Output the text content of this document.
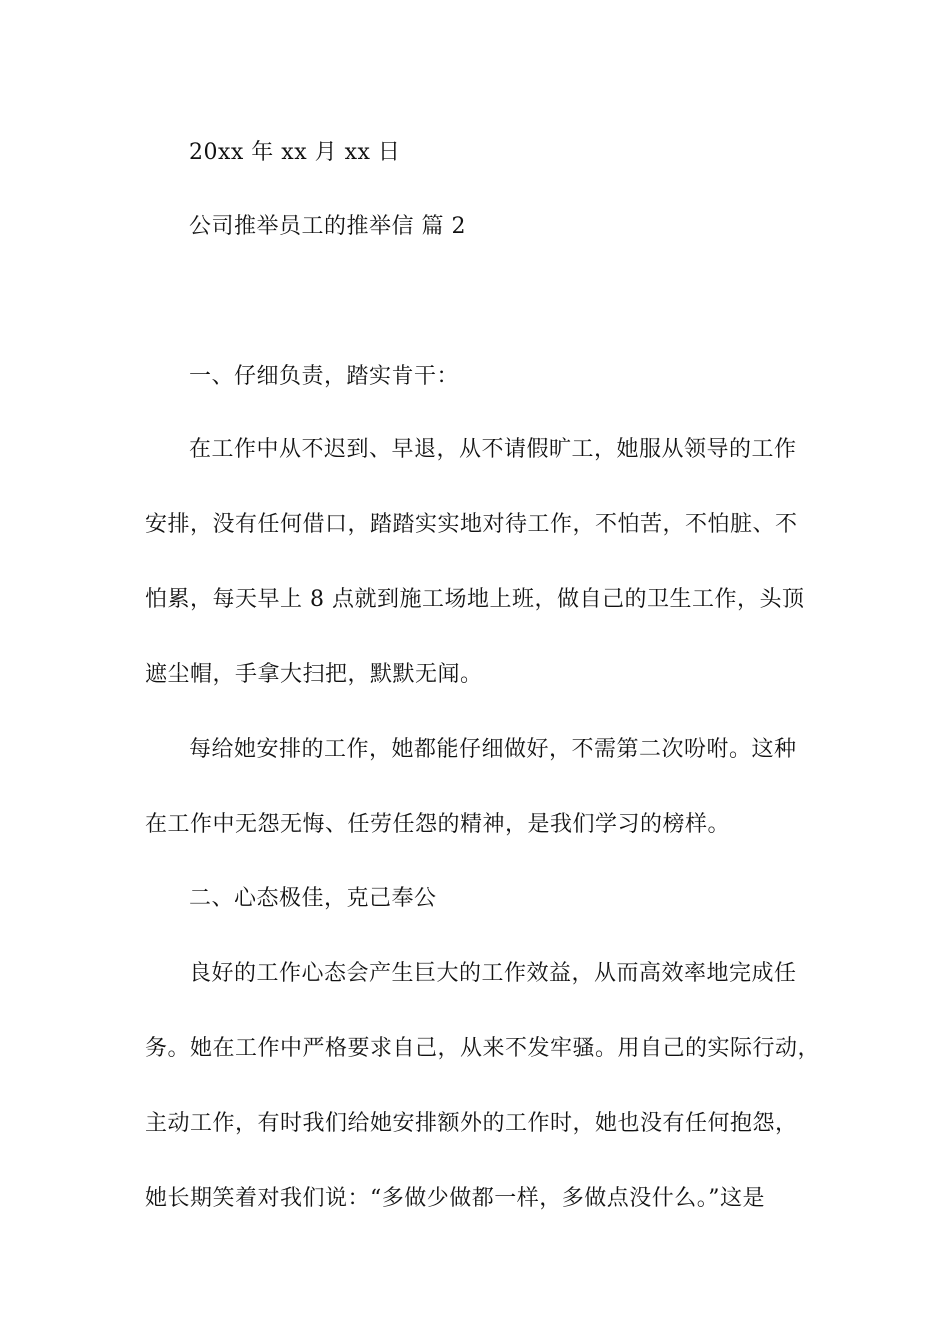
20xx 年 xx 月 xx 日
公司推举员工的推举信 篇 2
一、仔细负责，踏实肯干：
在工作中从不迟到、早退，从不请假旷工，她服从领导的工作
安排，没有任何借口，踏踏实实地对待工作，不怕苦，不怕脏、不
怕累，每天早上 8 点就到施工场地上班，做自己的卫生工作，头顶
遮尘帽，手拿大扫把，默默无闻。
每给她安排的工作，她都能仔细做好，不需第二次吩咐。这种
在工作中无怨无悔、任劳任怨的精神，是我们学习的榜样。
二、心态极佳，克己奉公
良好的工作心态会产生巨大的工作效益，从而高效率地完成任
务。她在工作中严格要求自己，从来不发牢骚。用自己的实际行动，
主动工作，有时我们给她安排额外的工作时，她也没有任何抱怨，
她长期笑着对我们说：“多做少做都一样，多做点没什么。”这是
